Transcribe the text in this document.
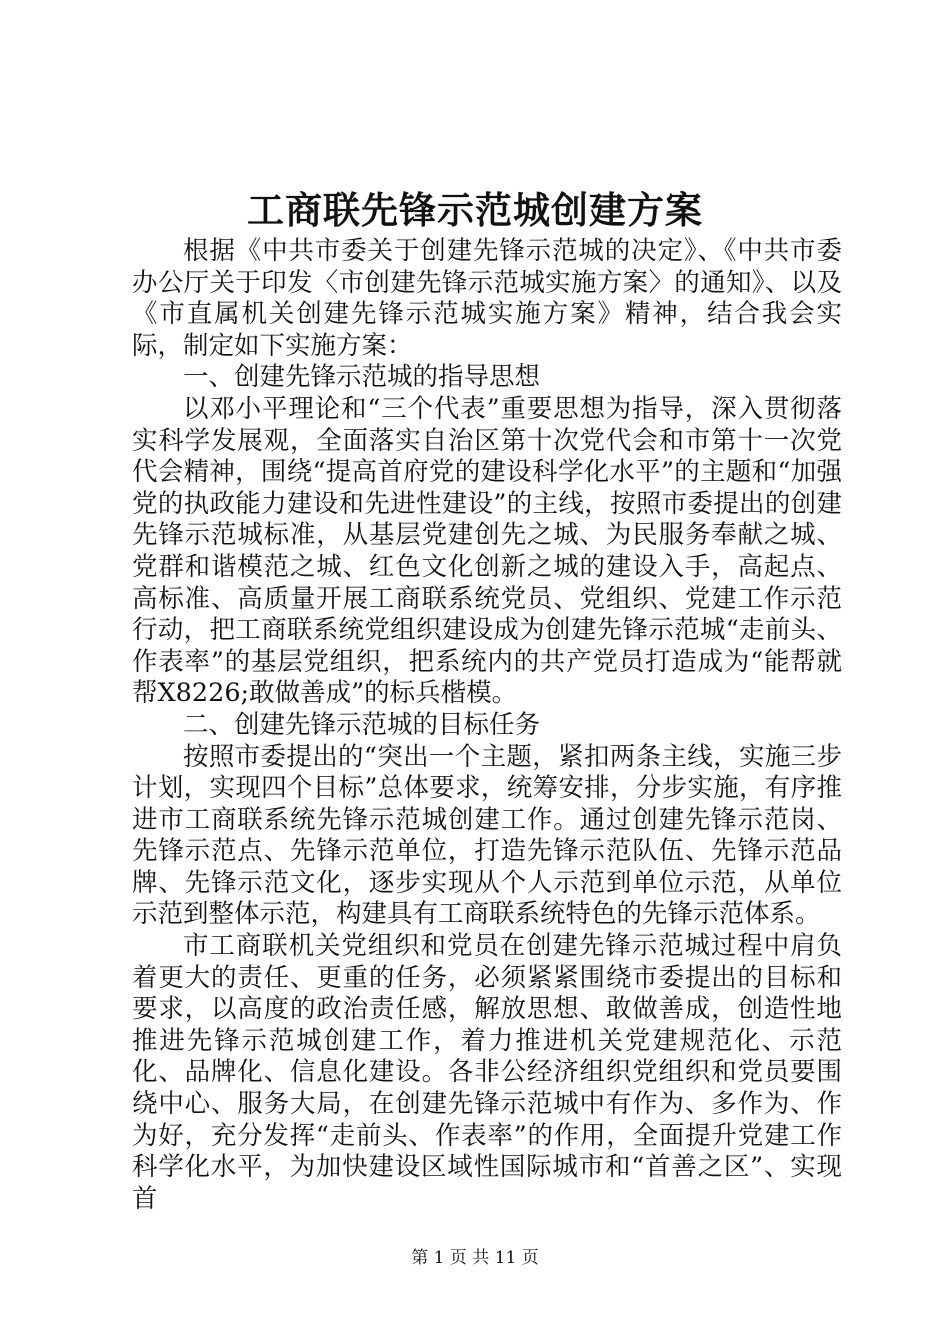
工商联先锋示范城创建方案

根据《中共市委关于创建先锋示范城的决定》、《中共市委办公厅关于印发〈市创建先锋示范城实施方案〉的通知》、以及《市直属机关创建先锋示范城实施方案》精神，结合我会实际，制定如下实施方案：

一、创建先锋示范城的指导思想

以邓小平理论和“三个代表”重要思想为指导，深入贯彻落实科学发展观，全面落实自治区第十次党代会和市第十一次党代会精神，围绕“提高首府党的建设科学化水平”的主题和“加强党的执政能力建设和先进性建设”的主线，按照市委提出的创建先锋示范城标准，从基层党建创先之城、为民服务奉献之城、党群和谐模范之城、红色文化创新之城的建设入手，高起点、高标准、高质量开展工商联系统党员、党组织、党建工作示范行动，把工商联系统党组织建设成为创建先锋示范城“走前头、作表率”的基层党组织，把系统内的共产党员打造成为“能帮就帮X8226;敢做善成”的标兵楷模。

二、创建先锋示范城的目标任务

按照市委提出的“突出一个主题，紧扣两条主线，实施三步计划，实现四个目标”总体要求，统筹安排，分步实施，有序推进市工商联系统先锋示范城创建工作。通过创建先锋示范岗、先锋示范点、先锋示范单位，打造先锋示范队伍、先锋示范品牌、先锋示范文化，逐步实现从个人示范到单位示范，从单位示范到整体示范，构建具有工商联系统特色的先锋示范体系。

市工商联机关党组织和党员在创建先锋示范城过程中肩负着更大的责任、更重的任务，必须紧紧围绕市委提出的目标和要求，以高度的政治责任感，解放思想、敢做善成，创造性地推进先锋示范城创建工作，着力推进机关党建规范化、示范化、品牌化、信息化建设。各非公经济组织党组织和党员要围绕中心、服务大局，在创建先锋示范城中有作为、多作为、作为好，充分发挥“走前头、作表率”的作用，全面提升党建工作科学化水平，为加快建设区域性国际城市和“首善之区”、实现首

第 1 页 共 11 页
